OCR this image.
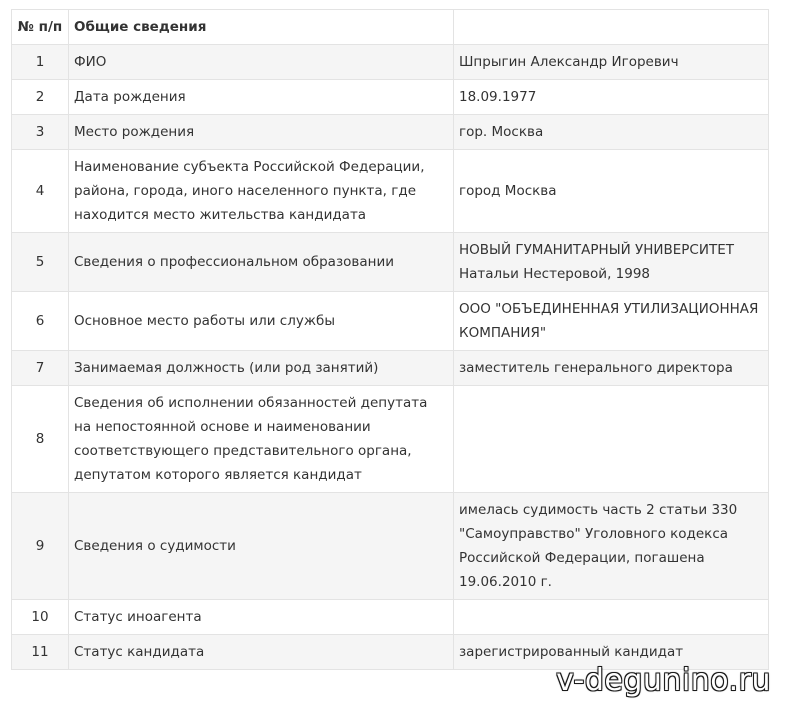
№ п/п	Общие сведения	
1	ФИО	Шпрыгин Александр Игоревич
2	Дата рождения	18.09.1977
3	Место рождения	гор. Москва
4	Наименование субъекта Российской Федерации, района, города, иного населенного пункта, где находится место жительства кандидата	город Москва
5	Сведения о профессиональном образовании	НОВЫЙ ГУМАНИТАРНЫЙ УНИВЕРСИТЕТ Натальи Нестеровой, 1998
6	Основное место работы или службы	ООО "ОБЪЕДИНЕННАЯ УТИЛИЗАЦИОННАЯ КОМПАНИЯ"
7	Занимаемая должность (или род занятий)	заместитель генерального директора
8	Сведения об исполнении обязанностей депутата на непостоянной основе и наименовании соответствующего представительного органа, депутатом которого является кандидат	
9	Сведения о судимости	имелась судимость часть 2 статьи 330 "Самоуправство" Уголовного кодекса Российской Федерации, погашена 19.06.2010 г.
10	Статус иноагента	
11	Статус кандидата	зарегистрированный кандидат
v-degunino.ru
